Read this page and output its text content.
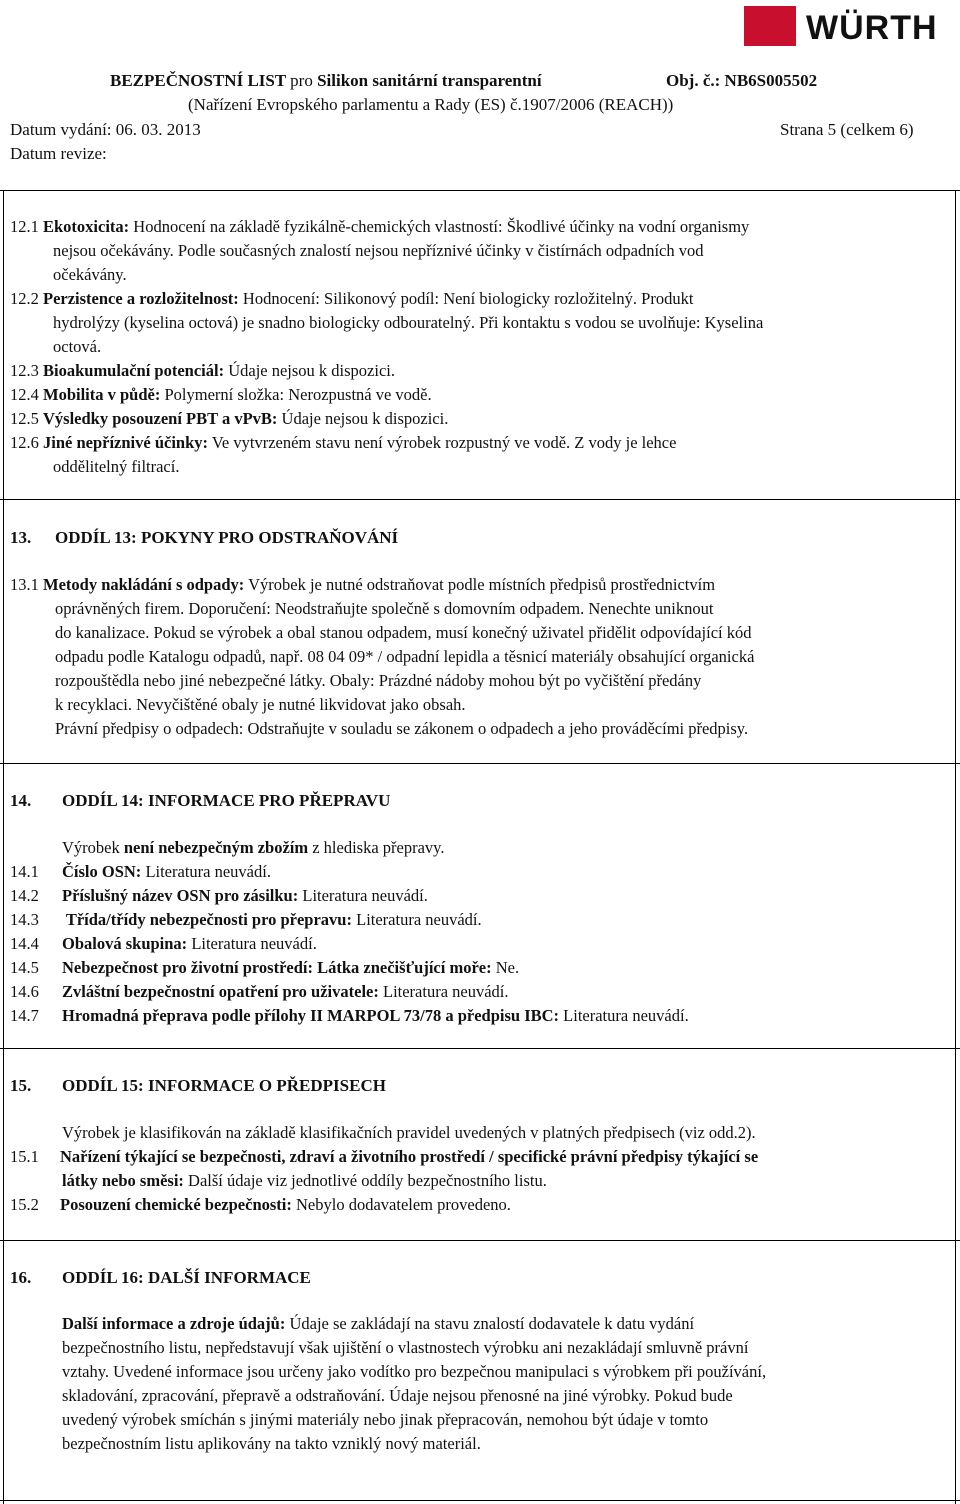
WÜRTH
BEZPEČNOSTNÍ LIST pro Silikon sanitární transparentní	Obj. č.: NB6S005502
(Nařízení Evropského parlamentu a Rady (ES) č.1907/2006 (REACH))
Datum vydání: 06. 03. 2013	Strana 5 (celkem 6)
Datum revize:
12.1 Ekotoxicita: Hodnocení na základě fyzikálně-chemických vlastností: Škodlivé účinky na vodní organismy
nejsou očekávány. Podle současných znalostí nejsou nepříznivé účinky v čistírnách odpadních vod
očekávány.
12.2 Perzistence a rozložitelnost: Hodnocení: Silikonový podíl: Není biologicky rozložitelný. Produkt
hydrolýzy (kyselina octová) je snadno biologicky odbouratelný. Při kontaktu s vodou se uvolňuje: Kyselina
octová.
12.3 Bioakumulační potenciál: Údaje nejsou k dispozici.
12.4 Mobilita v půdě: Polymerní složka: Nerozpustná ve vodě.
12.5 Výsledky posouzení PBT a vPvB: Údaje nejsou k dispozici.
12.6 Jiné nepříznivé účinky: Ve vytvrzeném stavu není výrobek rozpustný ve vodě. Z vody je lehce
oddělitelný filtrací.
13. ODDÍL 13: POKYNY PRO ODSTRAŇOVÁNÍ
13.1 Metody nakládání s odpady: Výrobek je nutné odstraňovat podle místních předpisů prostřednictvím
oprávněných firem. Doporučení: Neodstraňujte společně s domovním odpadem. Nenechte uniknout
do kanalizace. Pokud se výrobek a obal stanou odpadem, musí konečný uživatel přidělit odpovídající kód
odpadu podle Katalogu odpadů, např. 08 04 09* / odpadní lepidla a těsnicí materiály obsahující organická
rozpouštědla nebo jiné nebezpečné látky. Obaly: Prázdné nádoby mohou být po vyčištění předány
k recyklaci. Nevyčištěné obaly je nutné likvidovat jako obsah.
Právní předpisy o odpadech: Odstraňujte v souladu se zákonem o odpadech a jeho prováděcími předpisy.
14. ODDÍL 14: INFORMACE PRO PŘEPRAVU
Výrobek není nebezpečným zbožím z hlediska přepravy.
14.1 Číslo OSN: Literatura neuvádí.
14.2 Příslušný název OSN pro zásilku: Literatura neuvádí.
14.3 Třída/třídy nebezpečnosti pro přepravu: Literatura neuvádí.
14.4 Obalová skupina: Literatura neuvádí.
14.5 Nebezpečnost pro životní prostředí: Látka znečišťující moře: Ne.
14.6 Zvláštní bezpečnostní opatření pro uživatele: Literatura neuvádí.
14.7 Hromadná přeprava podle přílohy II MARPOL 73/78 a předpisu IBC: Literatura neuvádí.
15. ODDÍL 15: INFORMACE O PŘEDPISECH
Výrobek je klasifikován na základě klasifikačních pravidel uvedených v platných předpisech (viz odd.2).
15.1 Nařízení týkající se bezpečnosti, zdraví a životního prostředí / specifické právní předpisy týkající se
látky nebo směsi: Další údaje viz jednotlivé oddíly bezpečnostního listu.
15.2 Posouzení chemické bezpečnosti: Nebylo dodavatelem provedeno.
16. ODDÍL 16: DALŠÍ INFORMACE
Další informace a zdroje údajů: Údaje se zakládají na stavu znalostí dodavatele k datu vydání
bezpečnostního listu, nepředstavují však ujištění o vlastnostech výrobku ani nezakládají smluvně právní
vztahy. Uvedené informace jsou určeny jako vodítko pro bezpečnou manipulaci s výrobkem při používání,
skladování, zpracování, přepravě a odstraňování. Údaje nejsou přenosné na jiné výrobky. Pokud bude
uvedený výrobek smíchán s jinými materiály nebo jinak přepracován, nemohou být údaje v tomto
bezpečnostním listu aplikovány na takto vzniklý nový materiál.
